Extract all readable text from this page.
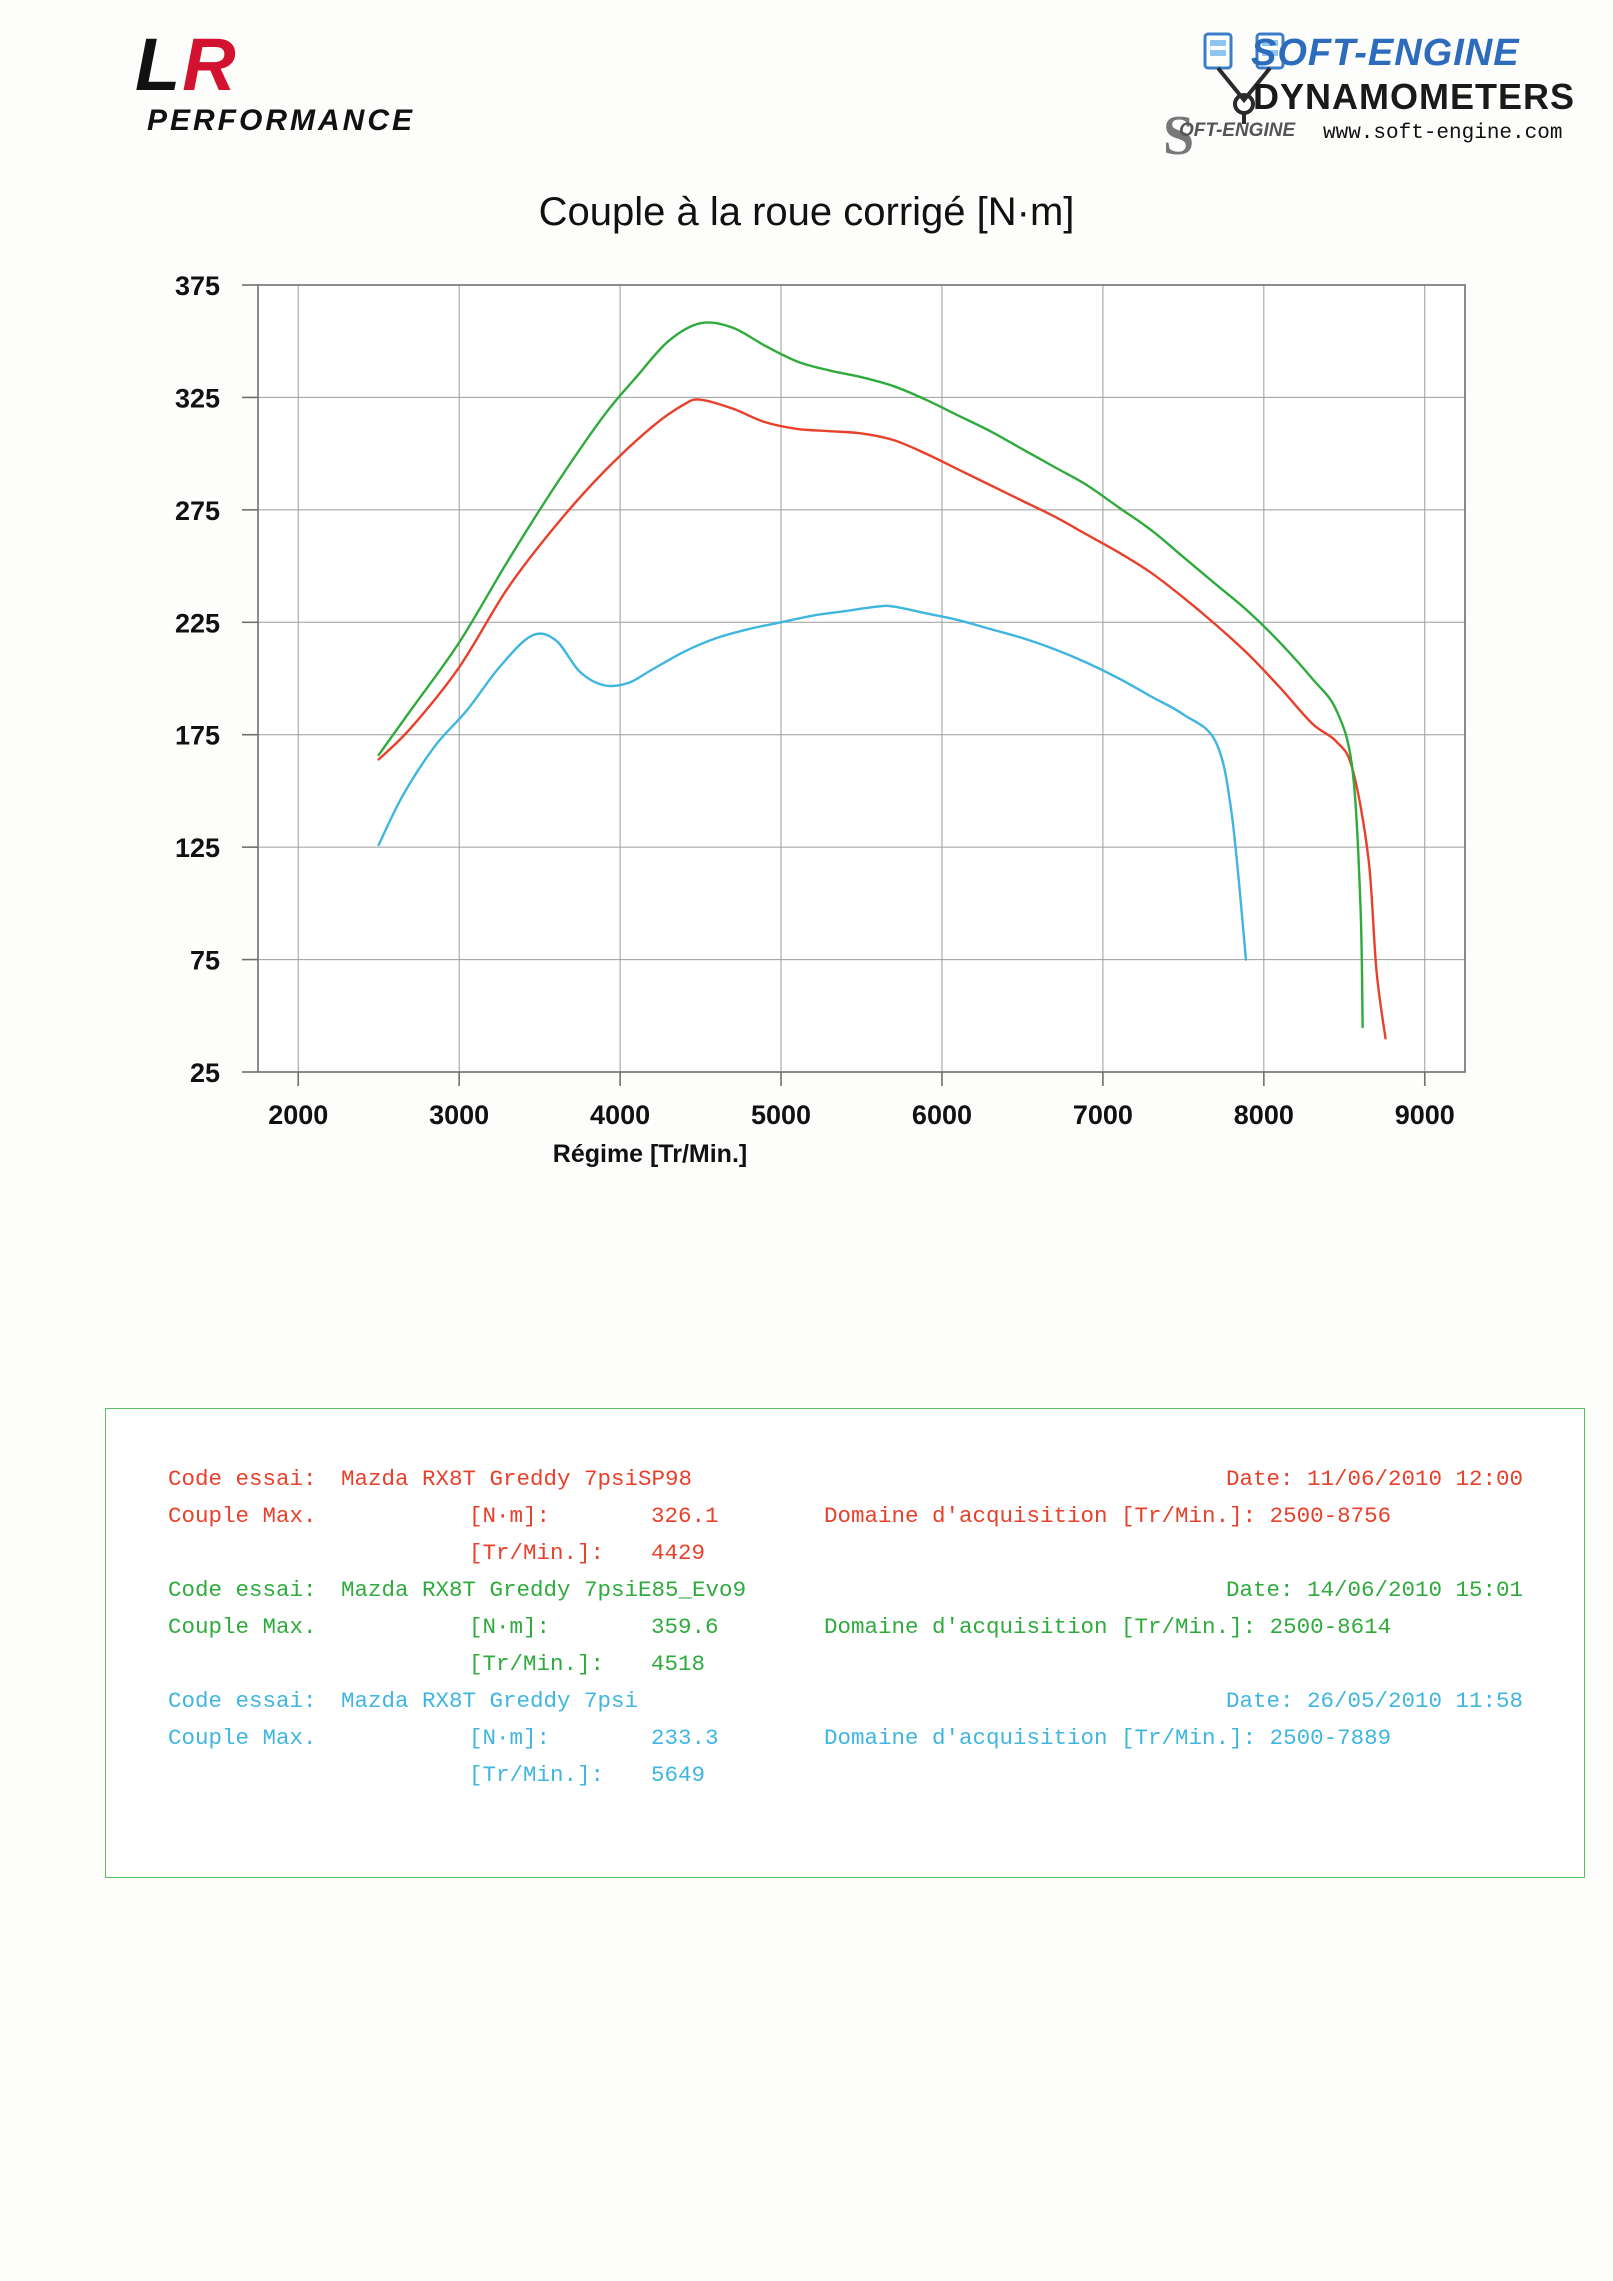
LR
PERFORMANCE	S
OFT-ENGINE
SOFT-ENGINE
DYNAMOMETERS
www.soft-engine.com
Couple à la roue corrigé [N·m]
25
75
125
175
225
275
325
375
2000	3000	4000	5000	6000	7000	8000	9000
Régime [Tr/Min.]
Code essai: Mazda RX8T Greddy 7psiSP98	Date: 11/06/2010 12:00
Couple Max.	[N·m]:	326.1	Domaine d'acquisition [Tr/Min.]: 2500-8756
[Tr/Min.]: 4429
Code essai: Mazda RX8T Greddy 7psiE85_Evo9	Date: 14/06/2010 15:01
Couple Max.	[N·m]:	359.6	Domaine d'acquisition [Tr/Min.]: 2500-8614
[Tr/Min.]: 4518
Code essai: Mazda RX8T Greddy 7psi	Date: 26/05/2010 11:58
Couple Max.	[N·m]:	233.3	Domaine d'acquisition [Tr/Min.]: 2500-7889
[Tr/Min.]: 5649
